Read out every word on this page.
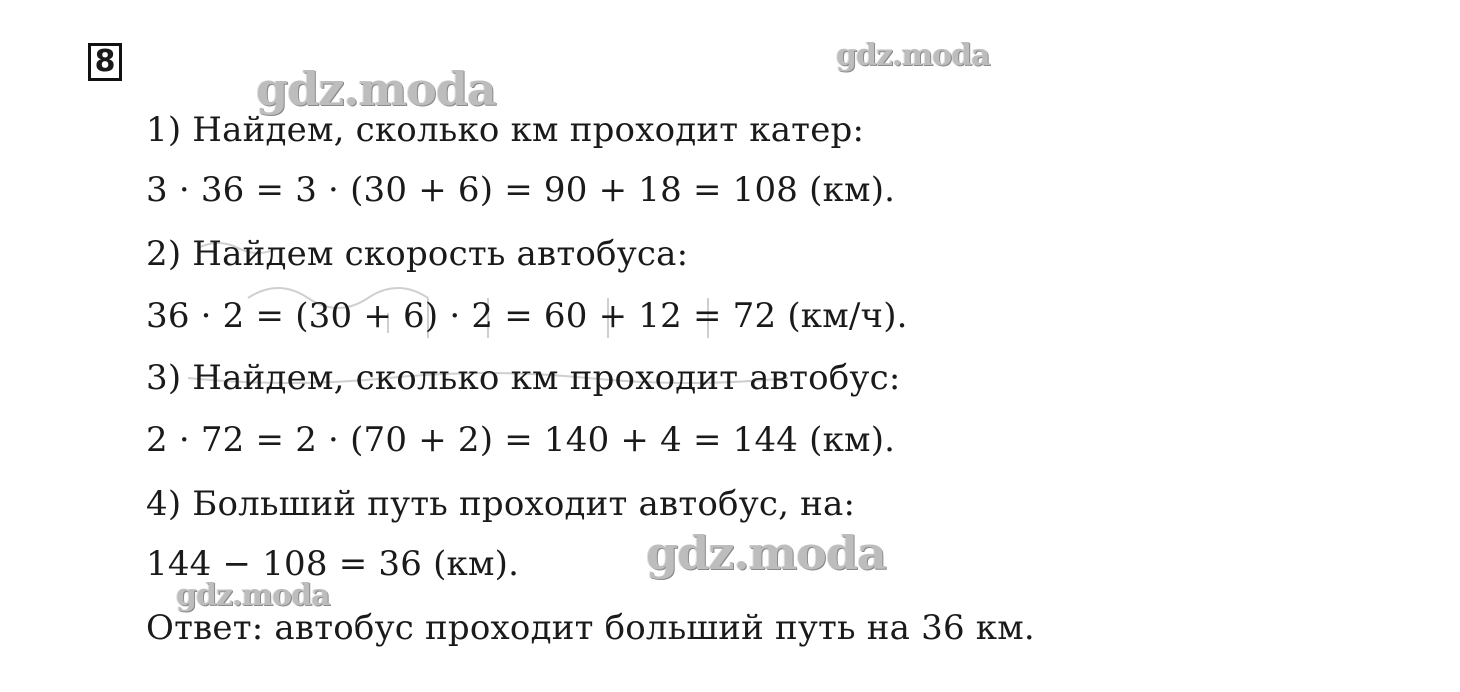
8	gdz.moda
gdz.moda
1) Найдем, сколько км проходит катер:
3 · 36 = 3 · (30 + 6) = 90 + 18 = 108 (км).
2) Найдем скорость автобуса:
36 · 2 = (30 + 6) · 2 = 60 + 12 = 72 (км/ч).
3) Найдем, сколько км проходит автобус:
2 · 72 = 2 · (70 + 2) = 140 + 4 = 144 (км).
4) Больший путь проходит автобус, на:
144 − 108 = 36 (км).
Ответ: автобус проходит больший путь на 36 км.
gdz.moda
gdz.moda
